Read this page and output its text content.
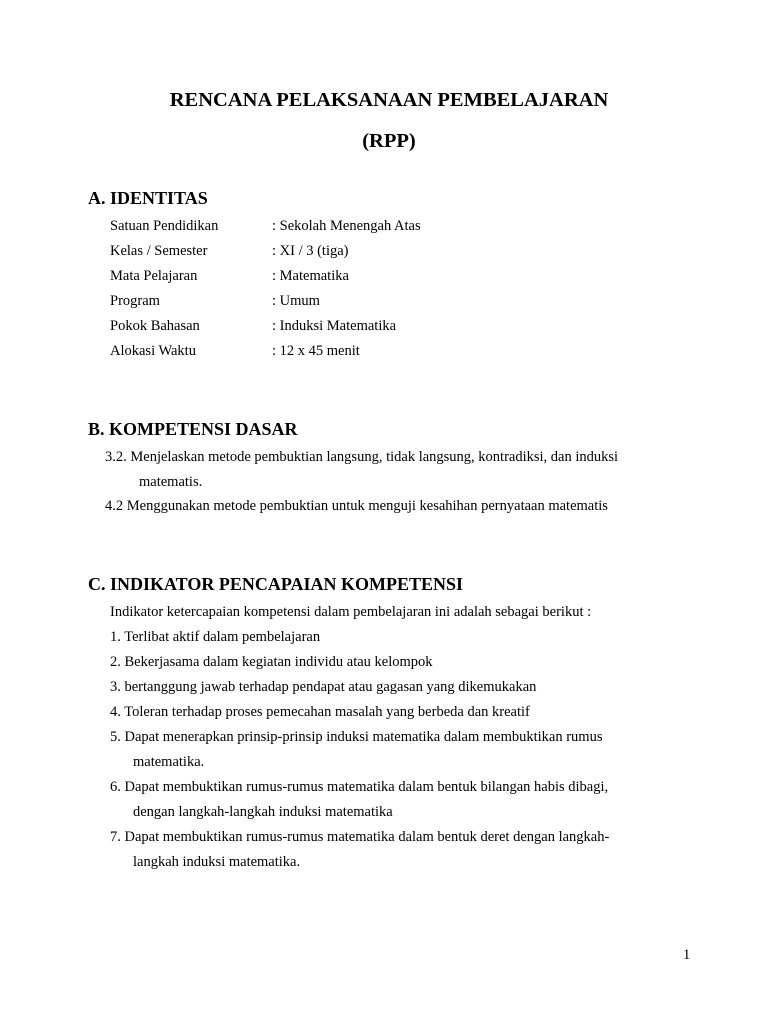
RENCANA PELAKSANAAN PEMBELAJARAN
(RPP)
A. IDENTITAS
Satuan Pendidikan	: Sekolah Menengah Atas
Kelas / Semester	: XI / 3 (tiga)
Mata Pelajaran	: Matematika
Program	: Umum
Pokok Bahasan	: Induksi Matematika
Alokasi Waktu	: 12 x 45 menit
B. KOMPETENSI DASAR
3.2. Menjelaskan metode pembuktian langsung, tidak langsung, kontradiksi, dan induksi
matematis.
4.2 Menggunakan metode pembuktian untuk menguji kesahihan pernyataan matematis
C. INDIKATOR PENCAPAIAN KOMPETENSI
Indikator ketercapaian kompetensi dalam pembelajaran ini adalah sebagai berikut :
1. Terlibat aktif dalam pembelajaran
2. Bekerjasama dalam kegiatan individu atau kelompok
3. bertanggung jawab terhadap pendapat atau gagasan yang dikemukakan
4. Toleran terhadap proses pemecahan masalah yang berbeda dan kreatif
5. Dapat menerapkan prinsip-prinsip induksi matematika dalam membuktikan rumus
matematika.
6. Dapat membuktikan rumus-rumus matematika dalam bentuk bilangan habis dibagi,
dengan langkah-langkah induksi matematika
7. Dapat membuktikan rumus-rumus matematika dalam bentuk deret dengan langkah-
langkah induksi matematika.
1
